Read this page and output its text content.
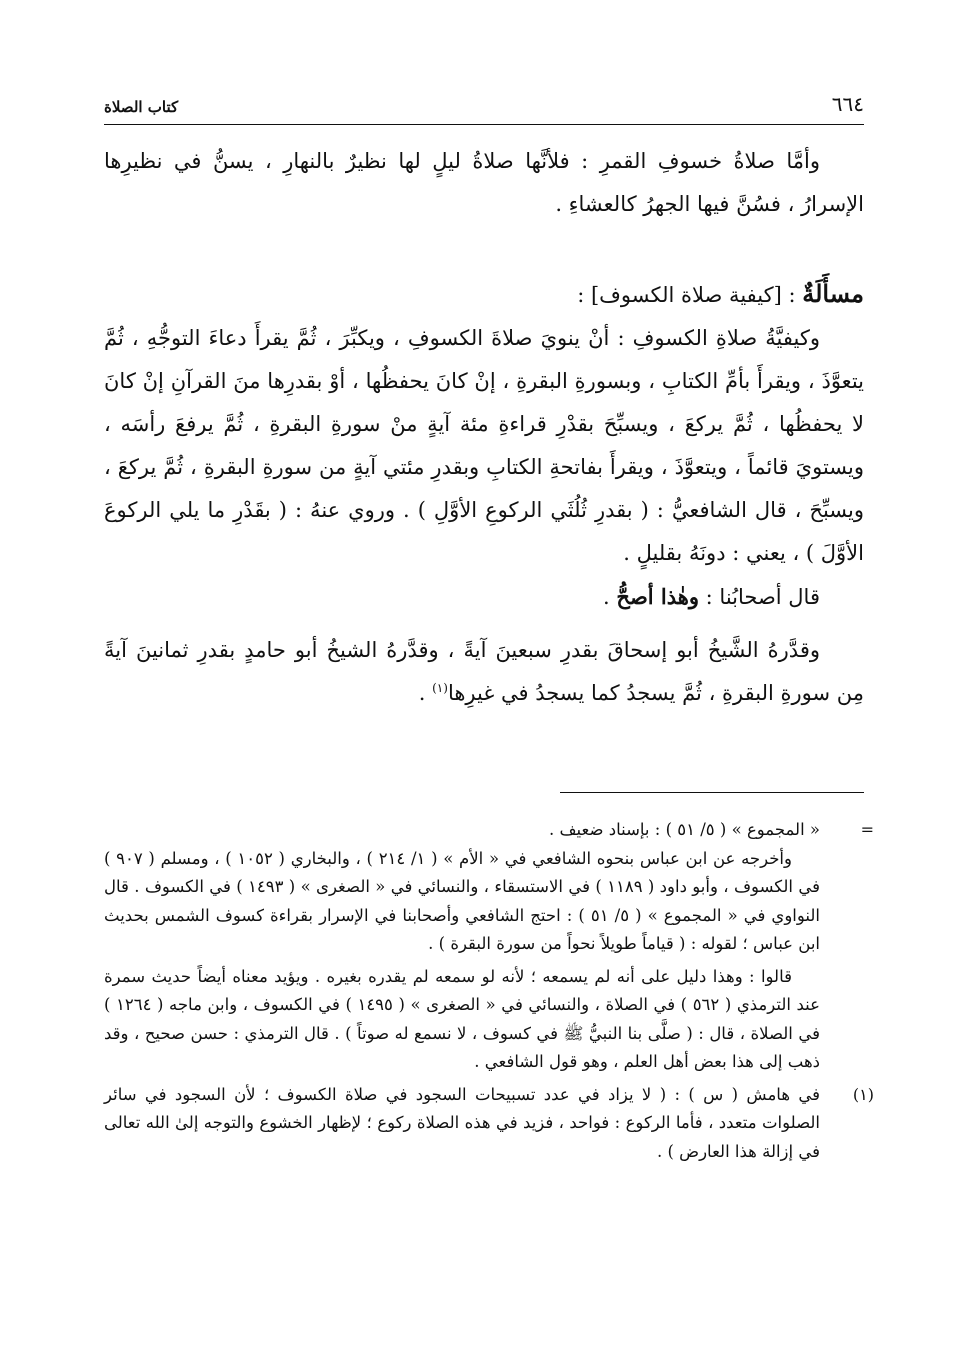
٦٦٤
كتاب الصلاة

وأمَّا صلاةُ خسوفِ القمرِ : فلأنَّها صلاةُ ليلٍ لها نظيرٌ بالنهارِ ، يسنُّ في نظيرِها الإسرارُ ، فسُنَّ فيها الجهرُ كالعشاءِ .

مسأَلَةٌ : [كيفية صلاة الكسوف] :

وكيفيَّةُ صلاةِ الكسوفِ : أنْ ينويَ صلاةَ الكسوفِ ، ويكبِّرَ ، ثُمَّ يقرأَ دعاءَ التوجُّهِ ، ثُمَّ يتعوَّذَ ، ويقرأَ بأمِّ الكتابِ ، وبسورةِ البقرةِ ، إنْ كانَ يحفظُها ، أوْ بقدرِها منَ القرآنِ إنْ كانَ لا يحفظُها ، ثُمَّ يركعَ ، ويسبِّحَ بقدْرِ قراءةِ مئة آيةٍ منْ سورةِ البقرةِ ، ثُمَّ يرفعَ رأسَه ، ويستويَ قائماً ، ويتعوَّذَ ، ويقرأَ بفاتحةِ الكتابِ وبقدرِ مئتي آيةٍ من سورةِ البقرةِ ، ثُمَّ يركعَ ، ويسبِّحَ ، قال الشافعيُّ : ( بقدرِ ثُلُثَي الركوعِ الأوَّلِ ) . وروي عنهُ : ( بقَدْرِ ما يلي الركوعَ الأوَّلَ ) ، يعني : دونَهُ بقليلٍ .

قال أصحابُنا : وهٰذا أصحُّ .

وقدَّرهُ الشَّيخُ أبو إسحاقَ بقدرِ سبعينَ آيةً ، وقدَّرهُ الشيخُ أبو حامدٍ بقدرِ ثمانينَ آيةً مِن سورةِ البقرةِ ، ثُمَّ يسجدُ كما يسجدُ في غيرِها$^{(١)}$ .

=

« المجموع » ( ٥/ ٥١ ) : بإسناد ضعيف .

وأخرجه عن ابن عباس بنحوه الشافعي في « الأم » ( ١/ ٢١٤ ) ، والبخاري ( ١٠٥٢ ) ، ومسلم ( ٩٠٧ ) في الكسوف ، وأبو داود ( ١١٨٩ ) في الاستسقاء ، والنسائي في « الصغرى » ( ١٤٩٣ ) في الكسوف . قال النواوي في « المجموع » ( ٥/ ٥١ ) : احتج الشافعي وأصحابنا في الإسرار بقراءة كسوف الشمس بحديث ابن عباس ؛ لقوله : ( قياماً طويلاً نحواً من سورة البقرة ) .

قالوا : وهذا دليل على أنه لم يسمعه ؛ لأنه لو سمعه لم يقدره بغيره . ويؤيد معناه أيضاً حديث سمرة عند الترمذي ( ٥٦٢ ) في الصلاة ، والنسائي في « الصغرى » ( ١٤٩٥ ) في الكسوف ، وابن ماجه ( ١٢٦٤ ) في الصلاة ، قال : ( صلَّى بنا النبيُّ ﷺ في كسوف ، لا نسمع له صوتاً ) . قال الترمذي : حسن صحيح ، وقد ذهب إلى هذا بعض أهل العلم ، وهو قول الشافعي .

(١)

في هامش ( س ) : ( لا يزاد في عدد تسبيحات السجود في صلاة الكسوف ؛ لأن السجود في سائر الصلوات متعدد ، فأما الركوع : فواحد ، فزيد في هذه الصلاة ركوع ؛ لإظهار الخشوع والتوجه إلىٰ الله تعالى في إزالة هذا العارض ) .
